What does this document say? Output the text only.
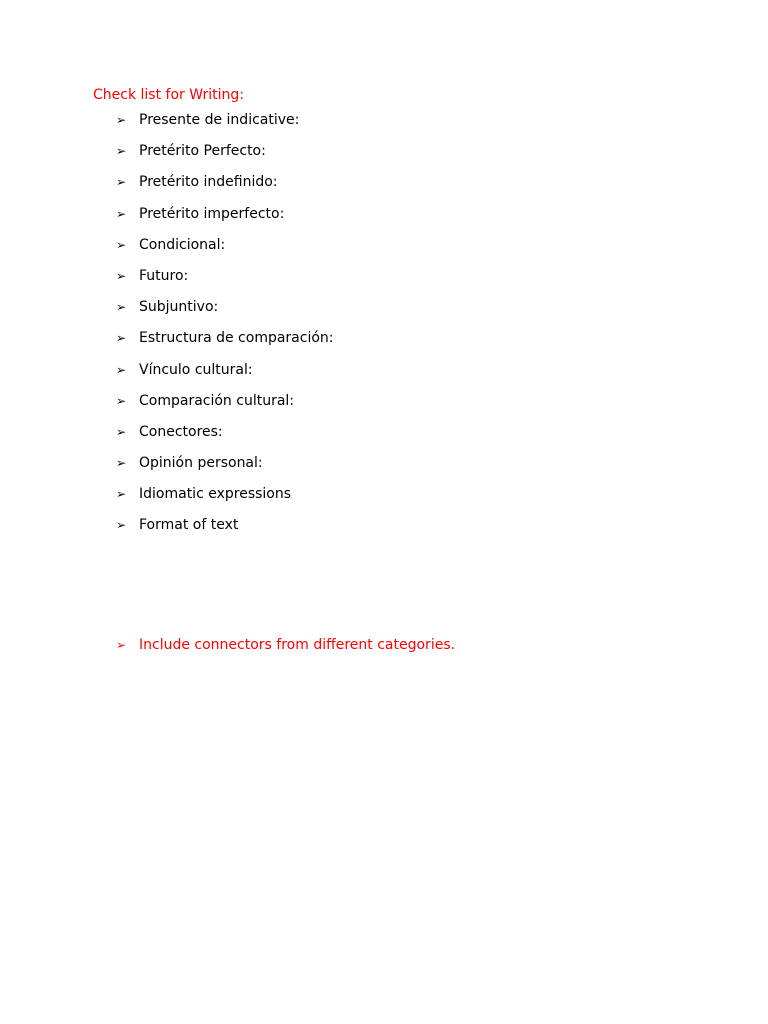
Check list for Writing:
➢ Presente de indicative:
➢ Pretérito Perfecto:
➢ Pretérito indefinido:
➢ Pretérito imperfecto:
➢ Condicional:
➢ Futuro:
➢ Subjuntivo:
➢ Estructura de comparación:
➢ Vínculo cultural:
➢ Comparación cultural:
➢ Conectores:
➢ Opinión personal:
➢ Idiomatic expressions
➢ Format of text
➢ Include connectors from different categories.
